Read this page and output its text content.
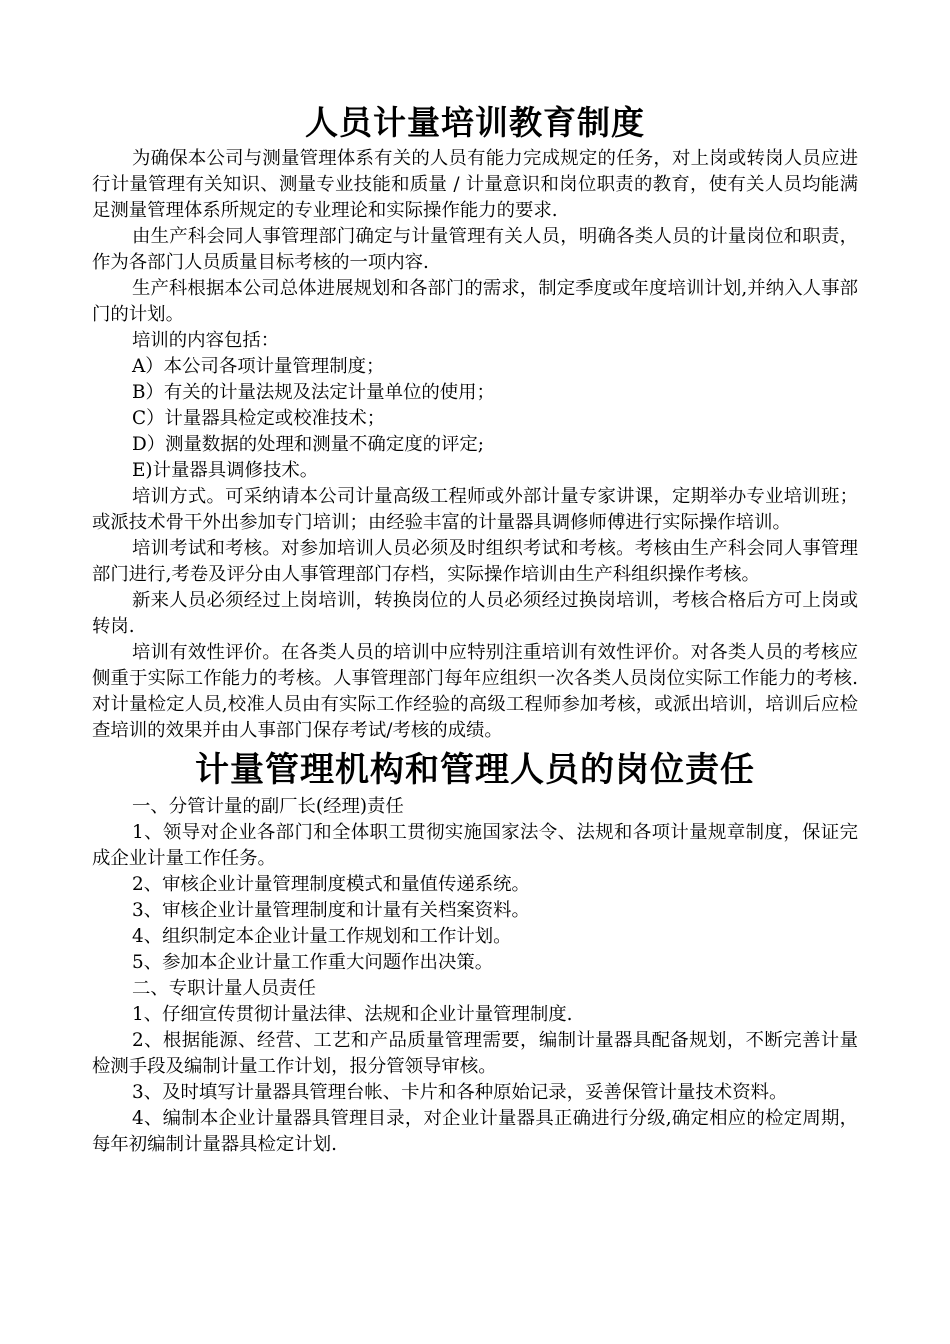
人员计量培训教育制度

为确保本公司与测量管理体系有关的人员有能力完成规定的任务，对上岗或转岗人员应进行计量管理有关知识、测量专业技能和质量 / 计量意识和岗位职责的教育，使有关人员均能满足测量管理体系所规定的专业理论和实际操作能力的要求.

由生产科会同人事管理部门确定与计量管理有关人员，明确各类人员的计量岗位和职责，作为各部门人员质量目标考核的一项内容.

生产科根据本公司总体进展规划和各部门的需求，制定季度或年度培训计划,并纳入人事部门的计划。

培训的内容包括：

A）本公司各项计量管理制度；

B）有关的计量法规及法定计量单位的使用；

C）计量器具检定或校准技术；

D）测量数据的处理和测量不确定度的评定;

E)计量器具调修技术。

培训方式。可采纳请本公司计量高级工程师或外部计量专家讲课，定期举办专业培训班；或派技术骨干外出参加专门培训；由经验丰富的计量器具调修师傅进行实际操作培训。

培训考试和考核。对参加培训人员必须及时组织考试和考核。考核由生产科会同人事管理部门进行,考卷及评分由人事管理部门存档，实际操作培训由生产科组织操作考核。

新来人员必须经过上岗培训，转换岗位的人员必须经过换岗培训，考核合格后方可上岗或转岗.

培训有效性评价。在各类人员的培训中应特别注重培训有效性评价。对各类人员的考核应侧重于实际工作能力的考核。人事管理部门每年应组织一次各类人员岗位实际工作能力的考核.对计量检定人员,校准人员由有实际工作经验的高级工程师参加考核，或派出培训，培训后应检查培训的效果并由人事部门保存考试/考核的成绩。

计量管理机构和管理人员的岗位责任

一、分管计量的副厂长(经理)责任

1、领导对企业各部门和全体职工贯彻实施国家法令、法规和各项计量规章制度，保证完成企业计量工作任务。

2、审核企业计量管理制度模式和量值传递系统。

3、审核企业计量管理制度和计量有关档案资料。

4、组织制定本企业计量工作规划和工作计划。

5、参加本企业计量工作重大问题作出决策。

二、专职计量人员责任

1、仔细宣传贯彻计量法律、法规和企业计量管理制度.

2、根据能源、经营、工艺和产品质量管理需要，编制计量器具配备规划，不断完善计量检测手段及编制计量工作计划，报分管领导审核。

3、及时填写计量器具管理台帐、卡片和各种原始记录，妥善保管计量技术资料。

4、编制本企业计量器具管理目录，对企业计量器具正确进行分级,确定相应的检定周期，每年初编制计量器具检定计划.
